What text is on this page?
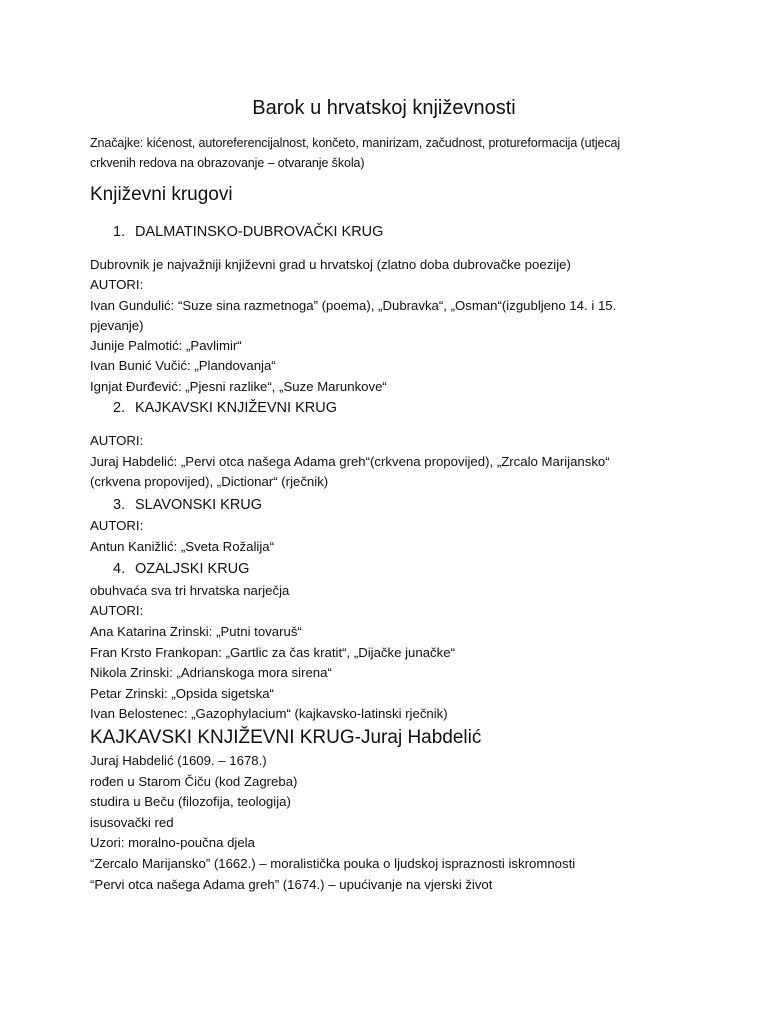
Barok u hrvatskoj književnosti
Značajke: kićenost, autoreferencijalnost, končeto, manirizam, začudnost, protureformacija (utjecaj
crkvenih redova na obrazovanje – otvaranje škola)
Književni krugovi
1. DALMATINSKO-DUBROVAČKI KRUG
Dubrovnik je najvažniji književni grad u hrvatskoj (zlatno doba dubrovačke poezije)
AUTORI:
Ivan Gundulić: “Suze sina razmetnoga” (poema), „Dubravka“, „Osman“(izgubljeno 14. i 15.
pjevanje)
Junije Palmotić: „Pavlimir“
Ivan Bunić Vučić: „Plandovanja“
Ignjat Đurđević: „Pjesni razlike“, „Suze Marunkove“
2. KAJKAVSKI KNJIŽEVNI KRUG
AUTORI:
Juraj Habdelić: „Pervi otca našega Adama greh“(crkvena propovijed), „Zrcalo Marijansko“
(crkvena propovijed), „Dictionar“ (rječnik)
3. SLAVONSKI KRUG
AUTORI:
Antun Kanižlić: „Sveta Rožalija“
4. OZALJSKI KRUG
obuhvaća sva tri hrvatska narječja
AUTORI:
Ana Katarina Zrinski: „Putni tovaruš“
Fran Krsto Frankopan: „Gartlic za čas kratit“, „Dijačke junačke“
Nikola Zrinski: „Adrianskoga mora sirena“
Petar Zrinski: „Opsida sigetska“
Ivan Belostenec: „Gazophylacium“ (kajkavsko-latinski rječnik)
KAJKAVSKI KNJIŽEVNI KRUG-Juraj Habdelić
Juraj Habdelić (1609. – 1678.)
rođen u Starom Čiču (kod Zagreba)
studira u Beču (filozofija, teologija)
isusovački red
Uzori: moralno-poučna djela
“Zercalo Marijansko” (1662.) – moralistička pouka o ljudskoj ispraznosti iskromnosti
“Pervi otca našega Adama greh” (1674.) – upućivanje na vjerski život
